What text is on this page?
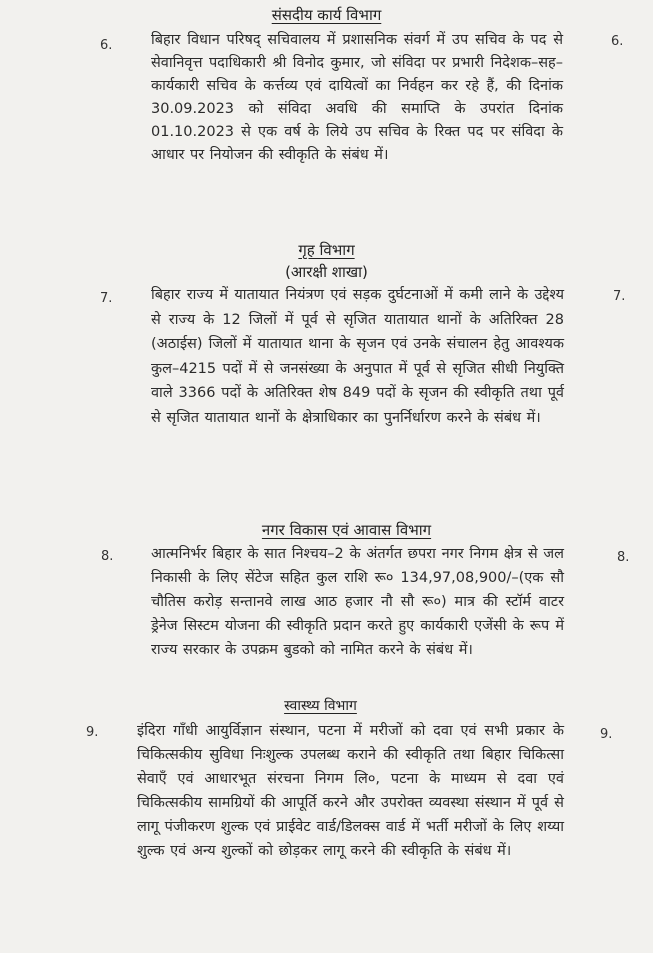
संसदीय कार्य विभाग
6.	6.
बिहार विधान परिषद् सचिवालय में प्रशासनिक संवर्ग में उप सचिव के पद से सेवानिवृत्त पदाधिकारी श्री विनोद कुमार, जो संविदा पर प्रभारी निदेशक–सह–कार्यकारी सचिव के कर्त्तव्य एवं दायित्वों का निर्वहन कर रहे हैं, की दिनांक 30.09.2023 को संविदा अवधि की समाप्ति के उपरांत दिनांक 01.10.2023 से एक वर्ष के लिये उप सचिव के रिक्त पद पर संविदा के आधार पर नियोजन की स्वीकृति के संबंध में।
गृह विभाग
(आरक्षी शाखा)
7.	7.
बिहार राज्य में यातायात नियंत्रण एवं सड़क दुर्घटनाओं में कमी लाने के उद्देश्य से राज्य के 12 जिलों में पूर्व से सृजित यातायात थानों के अतिरिक्त 28 (अठाईस) जिलों में यातायात थाना के सृजन एवं उनके संचालन हेतु आवश्यक कुल–4215 पदों में से जनसंख्या के अनुपात में पूर्व से सृजित सीधी नियुक्ति वाले 3366 पदों के अतिरिक्त शेष 849 पदों के सृजन की स्वीकृति तथा पूर्व से सृजित यातायात थानों के क्षेत्राधिकार का पुनर्निर्धारण करने के संबंध में।
नगर विकास एवं आवास विभाग
8.	8.
आत्मनिर्भर बिहार के सात निश्चय–2 के अंतर्गत छपरा नगर निगम क्षेत्र से जल निकासी के लिए सेंटेज सहित कुल राशि रू० 134,97,08,900/–(एक सौ चौतिस करोड़ सन्तानवे लाख आठ हजार नौ सौ रू०) मात्र की स्टॉर्म वाटर ड्रेनेज सिस्टम योजना की स्वीकृति प्रदान करते हुए कार्यकारी एजेंसी के रूप में राज्य सरकार के उपक्रम बुडको को नामित करने के संबंध में।
स्वास्थ्य विभाग
9.	9.
इंदिरा गाँधी आयुर्विज्ञान संस्थान, पटना में मरीजों को दवा एवं सभी प्रकार के चिकित्सकीय सुविधा निःशुल्क उपलब्ध कराने की स्वीकृति तथा बिहार चिकित्सा सेवाएँ एवं आधारभूत संरचना निगम लि०, पटना के माध्यम से दवा एवं चिकित्सकीय सामग्रियों की आपूर्ति करने और उपरोक्त व्यवस्था संस्थान में पूर्व से लागू पंजीकरण शुल्क एवं प्राईवेट वार्ड/डिलक्स वार्ड में भर्ती मरीजों के लिए शय्या शुल्क एवं अन्य शुल्कों को छोड़कर लागू करने की स्वीकृति के संबंध में।
